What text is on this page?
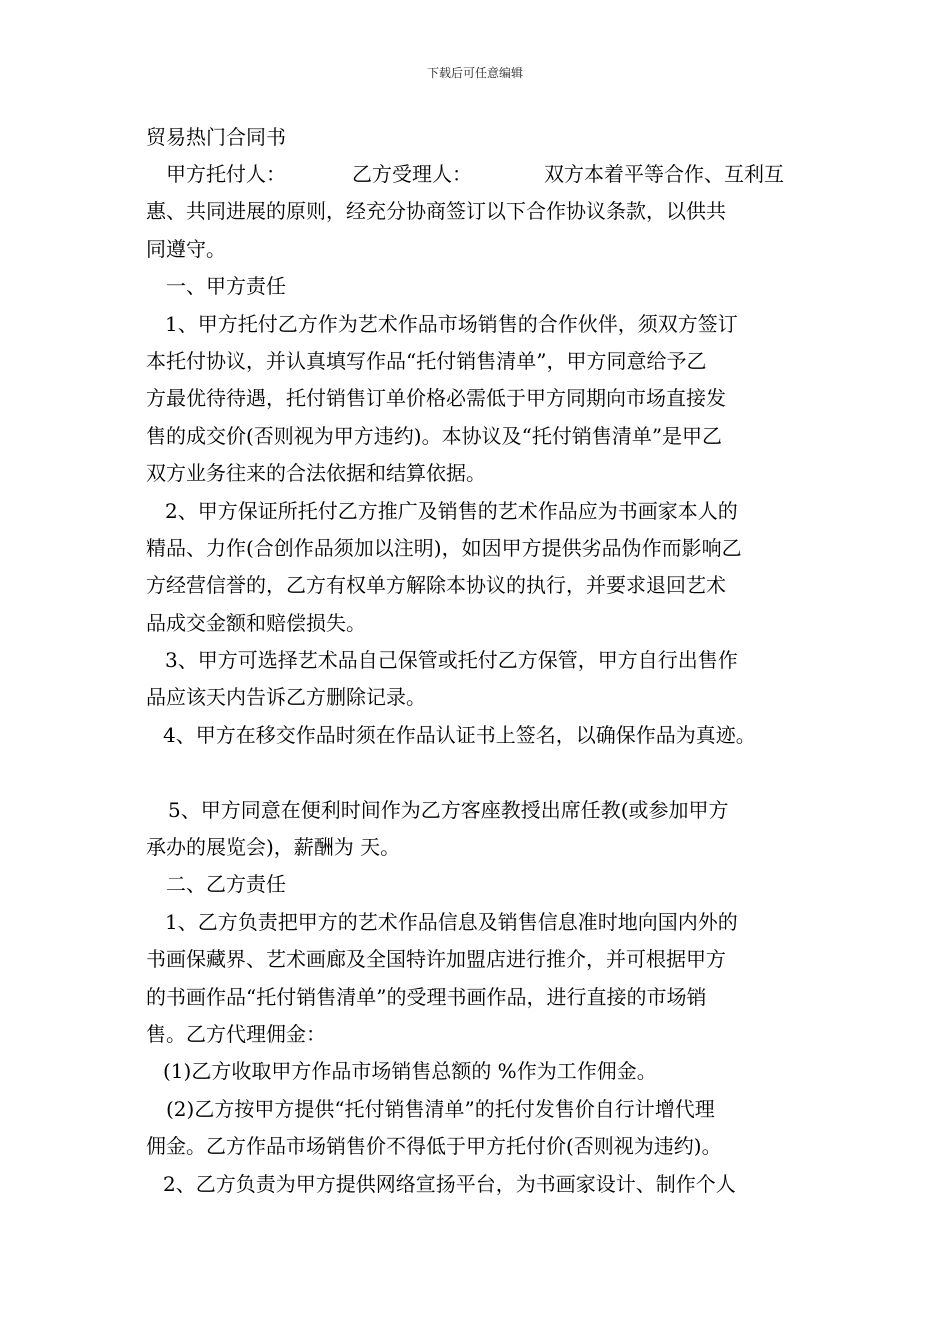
下载后可任意编辑
贸易热门合同书
甲方托付人：	乙方受理人：	双方本着平等合作、互利互
惠、共同进展的原则，经充分协商签订以下合作协议条款，以供共
同遵守。
一、甲方责任
1、甲方托付乙方作为艺术作品市场销售的合作伙伴，须双方签订
本托付协议，并认真填写作品“托付销售清单”，甲方同意给予乙
方最优待待遇，托付销售订单价格必需低于甲方同期向市场直接发
售的成交价(否则视为甲方违约)。本协议及“托付销售清单”是甲乙
双方业务往来的合法依据和结算依据。
2、甲方保证所托付乙方推广及销售的艺术作品应为书画家本人的
精品、力作(合创作品须加以注明)，如因甲方提供劣品伪作而影响乙
方经营信誉的，乙方有权单方解除本协议的执行，并要求退回艺术
品成交金额和赔偿损失。
3、甲方可选择艺术品自己保管或托付乙方保管，甲方自行出售作
品应该天内告诉乙方删除记录。
4、甲方在移交作品时须在作品认证书上签名，以确保作品为真迹。
5、甲方同意在便利时间作为乙方客座教授出席任教(或参加甲方
承办的展览会)，薪酬为 天。
二、乙方责任
1、乙方负责把甲方的艺术作品信息及销售信息准时地向国内外的
书画保藏界、艺术画廊及全国特许加盟店进行推介，并可根据甲方
的书画作品“托付销售清单”的受理书画作品，进行直接的市场销
售。乙方代理佣金：
(1)乙方收取甲方作品市场销售总额的 %作为工作佣金。
(2)乙方按甲方提供“托付销售清单”的托付发售价自行计增代理
佣金。乙方作品市场销售价不得低于甲方托付价(否则视为违约)。
2、乙方负责为甲方提供网络宣扬平台，为书画家设计、制作个人
